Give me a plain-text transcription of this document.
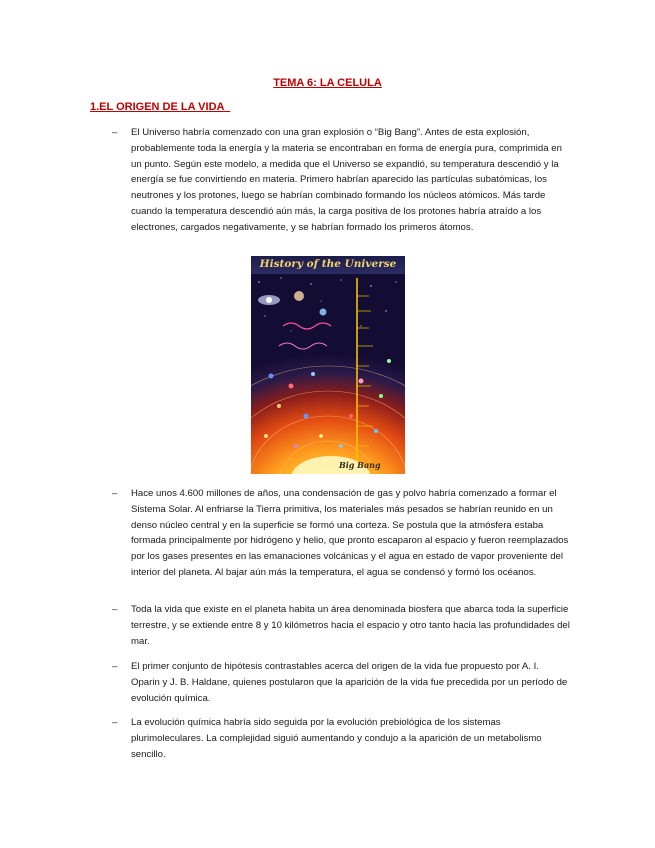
TEMA 6: LA CELULA
1.EL ORIGEN DE LA VIDA
– El Universo habría comenzado con una gran explosión o “Big Bang”. Antes de esta explosión, probablemente toda la energía y la materia se encontraban en forma de energía pura, comprimida en un punto. Según este modelo, a medida que el Universo se expandió, su temperatura descendió y la energía se fue convirtiendo en materia. Primero habrían aparecido las partículas subatómicas, los neutrones y los protones, luego se habrían combinado formando los núcleos atómicos. Más tarde cuando la temperatura descendió aún más, la carga positiva de los protones habría atraído a los electrones, cargados negativamente, y se habrían formado los primeros átomos.
History of the Universe
Big Bang
– Hace unos 4.600 millones de años, una condensación de gas y polvo habría comenzado a formar el Sistema Solar. Al enfriarse la Tierra primitiva, los materiales más pesados se habrían reunido en un denso núcleo central y en la superficie se formó una corteza. Se postula que la atmósfera estaba formada principalmente por hidrógeno y helio, que pronto escaparon al espacio y fueron reemplazados por los gases presentes en las emanaciones volcánicas y el agua en estado de vapor proveniente del interior del planeta. Al bajar aún más la temperatura, el agua se condensó y formó los océanos.
– Toda la vida que existe en el planeta habita un área denominada biosfera que abarca toda la superficie terrestre, y se extiende entre 8 y 10 kilómetros hacia el espacio y otro tanto hacia las profundidades del mar.
– El primer conjunto de hipótesis contrastables acerca del origen de la vida fue propuesto por A. I. Oparin y J. B. Haldane, quienes postularon que la aparición de la vida fue precedida por un período de evolución química.
– La evolución química habría sido seguida por la evolución prebiológica de los sistemas plurimoleculares. La complejidad siguió aumentando y condujo a la aparición de un metabolismo sencillo.
